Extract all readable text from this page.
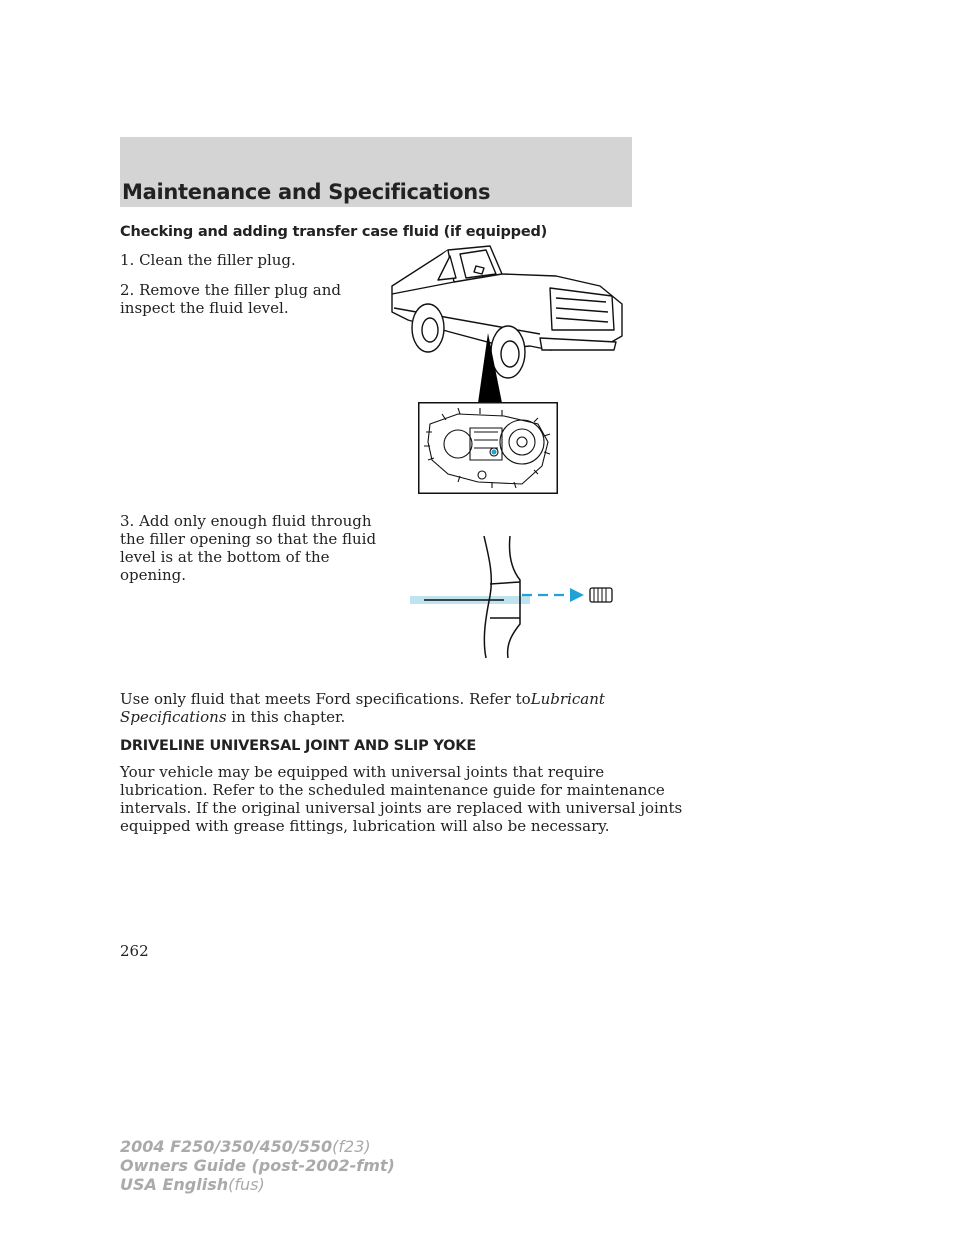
Maintenance and Specifications
Checking and adding transfer case fluid (if equipped)
1. Clean the filler plug.
2. Remove the filler plug and
inspect the fluid level.
3. Add only enough fluid through
the filler opening so that the fluid
level is at the bottom of the
opening.
Use only fluid that meets Ford specifications. Refer toLubricant
Specifications in this chapter.
DRIVELINE UNIVERSAL JOINT AND SLIP YOKE
Your vehicle may be equipped with universal joints that require
lubrication. Refer to the scheduled maintenance guide for maintenance
intervals. If the original universal joints are replaced with universal joints
equipped with grease fittings, lubrication will also be necessary.
262
2004 F250/350/450/550(f23)
Owners Guide (post-2002-fmt)
USA English(fus)
